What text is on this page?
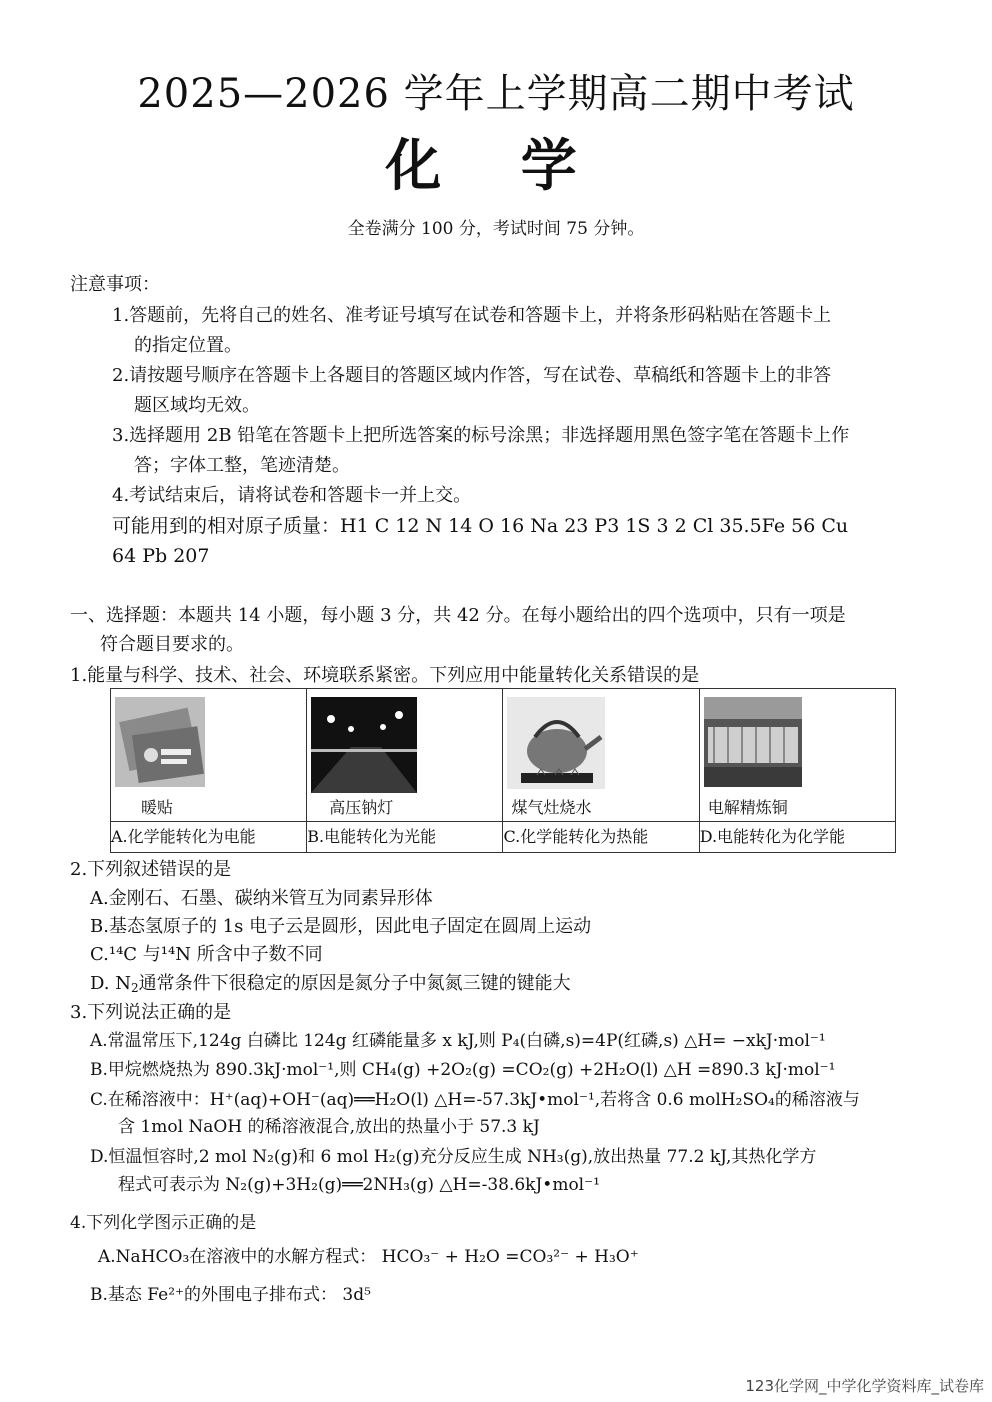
2025—2026 学年上学期高二期中考试
化 学
全卷满分 100 分，考试时间 75 分钟。
注意事项：
1.答题前，先将自己的姓名、准考证号填写在试卷和答题卡上，并将条形码粘贴在答题卡上
的指定位置。
2.请按题号顺序在答题卡上各题目的答题区域内作答，写在试卷、草稿纸和答题卡上的非答
题区域均无效。
3.选择题用 2B 铅笔在答题卡上把所选答案的标号涂黑；非选择题用黑色签字笔在答题卡上作
答；字体工整，笔迹清楚。
4.考试结束后，请将试卷和答题卡一并上交。
可能用到的相对原子质量：H1 C 12 N 14 O 16 Na 23 P3 1S 3 2 Cl 35.5Fe 56 Cu
64 Pb 207
一、选择题：本题共 14 小题，每小题 3 分，共 42 分。在每小题给出的四个选项中，只有一项是
符合题目要求的。
1.能量与科学、技术、社会、环境联系紧密。下列应用中能量转化关系错误的是
暖贴	高压钠灯	煤气灶烧水	电解精炼铜

A.化学能转化为电能	B.电能转化为光能	C.化学能转化为热能	D.电能转化为化学能
2.下列叙述错误的是
A.金刚石、石墨、碳纳米管互为同素异形体
B.基态氢原子的 1s 电子云是圆形，因此电子固定在圆周上运动
C.¹⁴C 与¹⁴N 所含中子数不同
D. $N_2$通常条件下很稳定的原因是氮分子中氮氮三键的键能大
3.下列说法正确的是
A.常温常压下,124g 白磷比 124g 红磷能量多 x kJ,则 P₄(白磷,s)=4P(红磷,s) △H= −xkJ·mol⁻¹
B.甲烷燃烧热为 890.3kJ·mol⁻¹,则 CH₄(g) +2O₂(g) =CO₂(g) +2H₂O(l) △H =890.3 kJ·mol⁻¹
C.在稀溶液中：H⁺(aq)+OH⁻(aq)══H₂O(l) △H=-57.3kJ•mol⁻¹,若将含 0.6 molH₂SO₄的稀溶液与
含 1mol NaOH 的稀溶液混合,放出的热量小于 57.3 kJ
D.恒温恒容时,2 mol N₂(g)和 6 mol H₂(g)充分反应生成 NH₃(g),放出热量 77.2 kJ,其热化学方
程式可表示为 N₂(g)+3H₂(g)══2NH₃(g) △H=-38.6kJ•mol⁻¹
4.下列化学图示正确的是
A.NaHCO₃在溶液中的水解方程式： HCO₃⁻ + H₂O =CO₃²⁻ + H₃O⁺
B.基态 Fe²⁺的外围电子排布式： 3d⁵
123化学网_中学化学资料库_试卷库
